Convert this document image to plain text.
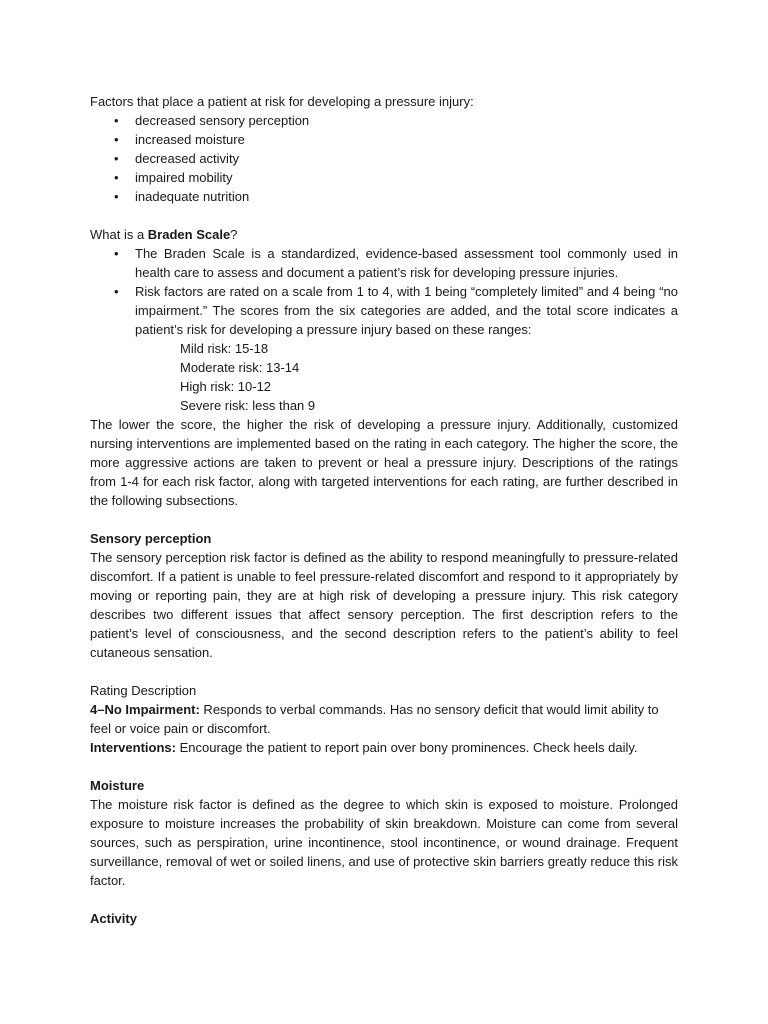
Factors that place a patient at risk for developing a pressure injury:

• decreased sensory perception
• increased moisture
• decreased activity
• impaired mobility
• inadequate nutrition

What is a Braden Scale?

• The Braden Scale is a standardized, evidence-based assessment tool commonly used in health care to assess and document a patient’s risk for developing pressure injuries.
• Risk factors are rated on a scale from 1 to 4, with 1 being “completely limited” and 4 being “no impairment.” The scores from the six categories are added, and the total score indicates a patient’s risk for developing a pressure injury based on these ranges:
Mild risk: 15-18
Moderate risk: 13-14
High risk: 10-12
Severe risk: less than 9

The lower the score, the higher the risk of developing a pressure injury. Additionally, customized nursing interventions are implemented based on the rating in each category. The higher the score, the more aggressive actions are taken to prevent or heal a pressure injury. Descriptions of the ratings from 1-4 for each risk factor, along with targeted interventions for each rating, are further described in the following subsections.

Sensory perception

The sensory perception risk factor is defined as the ability to respond meaningfully to pressure-related discomfort. If a patient is unable to feel pressure-related discomfort and respond to it appropriately by moving or reporting pain, they are at high risk of developing a pressure injury. This risk category describes two different issues that affect sensory perception. The first description refers to the patient’s level of consciousness, and the second description refers to the patient’s ability to feel cutaneous sensation.

Rating Description

4–No Impairment: Responds to verbal commands. Has no sensory deficit that would limit ability to feel or voice pain or discomfort.

Interventions: Encourage the patient to report pain over bony prominences. Check heels daily.

Moisture

The moisture risk factor is defined as the degree to which skin is exposed to moisture. Prolonged exposure to moisture increases the probability of skin breakdown. Moisture can come from several sources, such as perspiration, urine incontinence, stool incontinence, or wound drainage. Frequent surveillance, removal of wet or soiled linens, and use of protective skin barriers greatly reduce this risk factor.

Activity
